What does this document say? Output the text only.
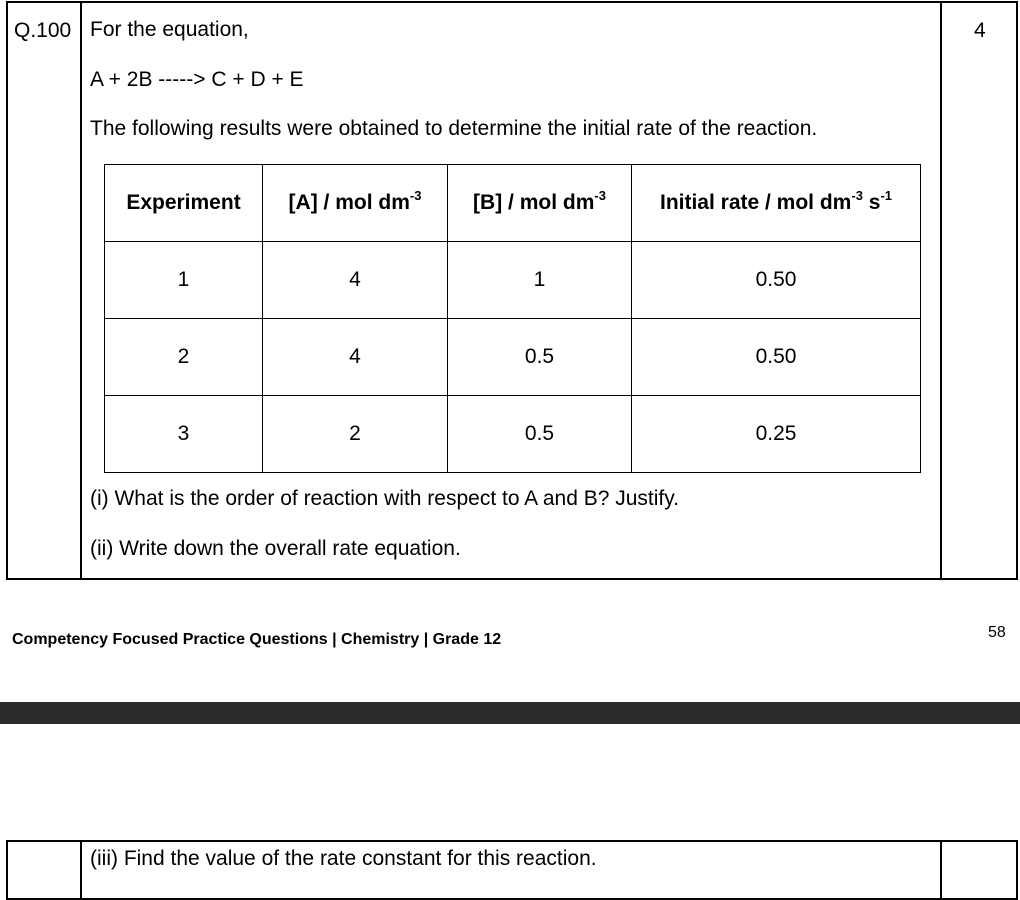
Q.100	4
For the equation,
A + 2B -----> C + D + E
The following results were obtained to determine the initial rate of the reaction.
Experiment	[A] / mol $dm^{-3}$	[B] / mol $dm^{-3}$	Initial rate / mol $dm^{-3}$ $s^{-1}$
1	4	1	0.50
2	4	0.5	0.50
3	2	0.5	0.25
(i) What is the order of reaction with respect to A and B? Justify.
(ii) Write down the overall rate equation.
Competency Focused Practice Questions | Chemistry | Grade 12	58
(iii) Find the value of the rate constant for this reaction.
